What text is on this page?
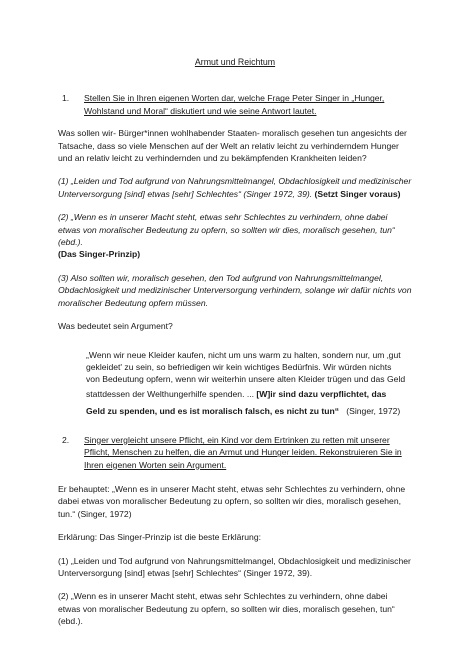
Armut und Reichtum
1.	Stellen Sie in Ihren eigenen Worten dar, welche Frage Peter Singer in „Hunger, Wohlstand und Moral“ diskutiert und wie seine Antwort lautet.

Was sollen wir- Bürger*innen wohlhabender Staaten- moralisch gesehen tun angesichts der Tatsache, dass so viele Menschen auf der Welt an relativ leicht zu verhinderndem Hunger und an relativ leicht zu verhindernden und zu bekämpfenden Krankheiten leiden?

(1) „Leiden und Tod aufgrund von Nahrungsmittelmangel, Obdachlosigkeit und medizinischer Unterversorgung [sind] etwas [sehr] Schlechtes“ (Singer 1972, 39). (Setzt Singer voraus)

(2) „Wenn es in unserer Macht steht, etwas sehr Schlechtes zu verhindern, ohne dabei etwas von moralischer Bedeutung zu opfern, so sollten wir dies, moralisch gesehen, tun“ (ebd.).
(Das Singer-Prinzip)

(3) Also sollten wir, moralisch gesehen, den Tod aufgrund von Nahrungsmittelmangel, Obdachlosigkeit und medizinischer Unterversorgung verhindern, solange wir dafür nichts von moralischer Bedeutung opfern müssen.

Was bedeutet sein Argument?

„Wenn wir neue Kleider kaufen, nicht um uns warm zu halten, sondern nur, um ‚gut gekleidet' zu sein, so befriedigen wir kein wichtiges Bedürfnis. Wir würden nichts von Bedeutung opfern, wenn wir weiterhin unsere alten Kleider trügen und das Geld stattdessen der Welthungerhilfe spenden. ... [W]ir sind dazu verpflichtet, das Geld zu spenden, und es ist moralisch falsch, es nicht zu tun“ (Singer, 1972)

2.	Singer vergleicht unsere Pflicht, ein Kind vor dem Ertrinken zu retten mit unserer Pflicht, Menschen zu helfen, die an Armut und Hunger leiden. Rekonstruieren Sie in Ihren eigenen Worten sein Argument.

Er behauptet: „Wenn es in unserer Macht steht, etwas sehr Schlechtes zu verhindern, ohne dabei etwas von moralischer Bedeutung zu opfern, so sollten wir dies, moralisch gesehen, tun.“ (Singer, 1972)

Erklärung: Das Singer-Prinzip ist die beste Erklärung:

(1) „Leiden und Tod aufgrund von Nahrungsmittelmangel, Obdachlosigkeit und medizinischer Unterversorgung [sind] etwas [sehr] Schlechtes“ (Singer 1972, 39).

(2) „Wenn es in unserer Macht steht, etwas sehr Schlechtes zu verhindern, ohne dabei etwas von moralischer Bedeutung zu opfern, so sollten wir dies, moralisch gesehen, tun“ (ebd.).
